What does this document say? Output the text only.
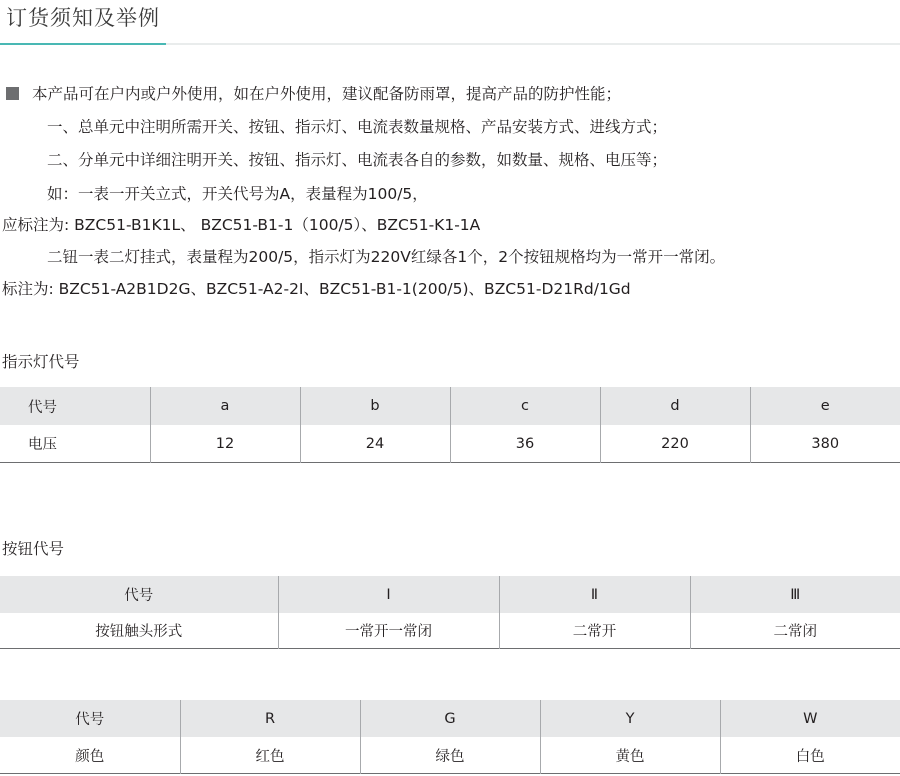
订货须知及举例
本产品可在户内或户外使用，如在户外使用，建议配备防雨罩，提高产品的防护性能；
一、总单元中注明所需开关、按钮、指示灯、电流表数量规格、产品安装方式、进线方式；
二、分单元中详细注明开关、按钮、指示灯、电流表各自的参数，如数量、规格、电压等；
如：一表一开关立式，开关代号为A，表量程为100/5，
应标注为: BZC51-B1K1L、 BZC51-B1-1（100/5）、BZC51-K1-1A
二钮一表二灯挂式，表量程为200/5，指示灯为220V红绿各1个，2个按钮规格均为一常开一常闭。
标注为: BZC51-A2B1D2G、BZC51-A2-2I、BZC51-B1-1(200/5)、BZC51-D21Rd/1Gd
指示灯代号
代号	a	b	c	d	e
电压	12	24	36	220	380
按钮代号
代号	Ⅰ	Ⅱ	Ⅲ
按钮触头形式	一常开一常闭	二常开	二常闭
代号	R	G	Y	W
颜色	红色	绿色	黄色	白色
